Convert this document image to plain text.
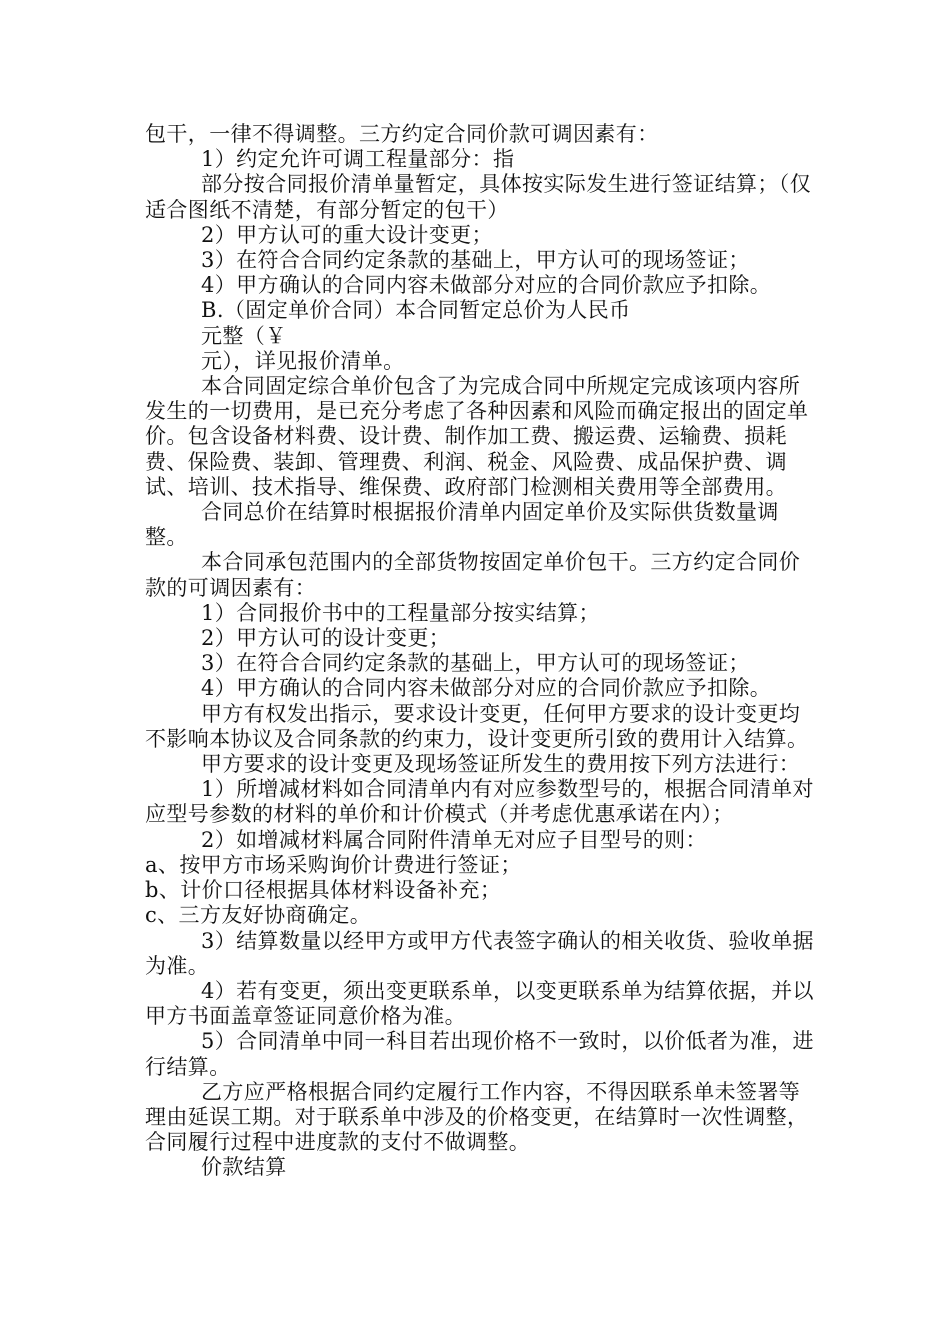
包干，一律不得调整。三方约定合同价款可调因素有：

1）约定允许可调工程量部分：指

部分按合同报价清单量暂定，具体按实际发生进行签证结算；（仅适合图纸不清楚，有部分暂定的包干）

2）甲方认可的重大设计变更；

3）在符合合同约定条款的基础上，甲方认可的现场签证；

4）甲方确认的合同内容未做部分对应的合同价款应予扣除。

B.（固定单价合同）本合同暂定总价为人民币

元整（￥

元），详见报价清单。

本合同固定综合单价包含了为完成合同中所规定完成该项内容所发生的一切费用，是已充分考虑了各种因素和风险而确定报出的固定单价。包含设备材料费、设计费、制作加工费、搬运费、运输费、损耗费、保险费、装卸、管理费、利润、税金、风险费、成品保护费、调试、培训、技术指导、维保费、政府部门检测相关费用等全部费用。

合同总价在结算时根据报价清单内固定单价及实际供货数量调整。

本合同承包范围内的全部货物按固定单价包干。三方约定合同价款的可调因素有：

1）合同报价书中的工程量部分按实结算；

2）甲方认可的设计变更；

3）在符合合同约定条款的基础上，甲方认可的现场签证；

4）甲方确认的合同内容未做部分对应的合同价款应予扣除。

甲方有权发出指示，要求设计变更，任何甲方要求的设计变更均不影响本协议及合同条款的约束力，设计变更所引致的费用计入结算。

甲方要求的设计变更及现场签证所发生的费用按下列方法进行：

1）所增减材料如合同清单内有对应参数型号的，根据合同清单对应型号参数的材料的单价和计价模式（并考虑优惠承诺在内）；

2）如增减材料属合同附件清单无对应子目型号的则：

a、按甲方市场采购询价计费进行签证；

b、计价口径根据具体材料设备补充；

c、三方友好协商确定。

3）结算数量以经甲方或甲方代表签字确认的相关收货、验收单据为准。

4）若有变更，须出变更联系单，以变更联系单为结算依据，并以甲方书面盖章签证同意价格为准。

5）合同清单中同一科目若出现价格不一致时，以价低者为准，进行结算。

乙方应严格根据合同约定履行工作内容，不得因联系单未签署等理由延误工期。对于联系单中涉及的价格变更，在结算时一次性调整，合同履行过程中进度款的支付不做调整。

价款结算
